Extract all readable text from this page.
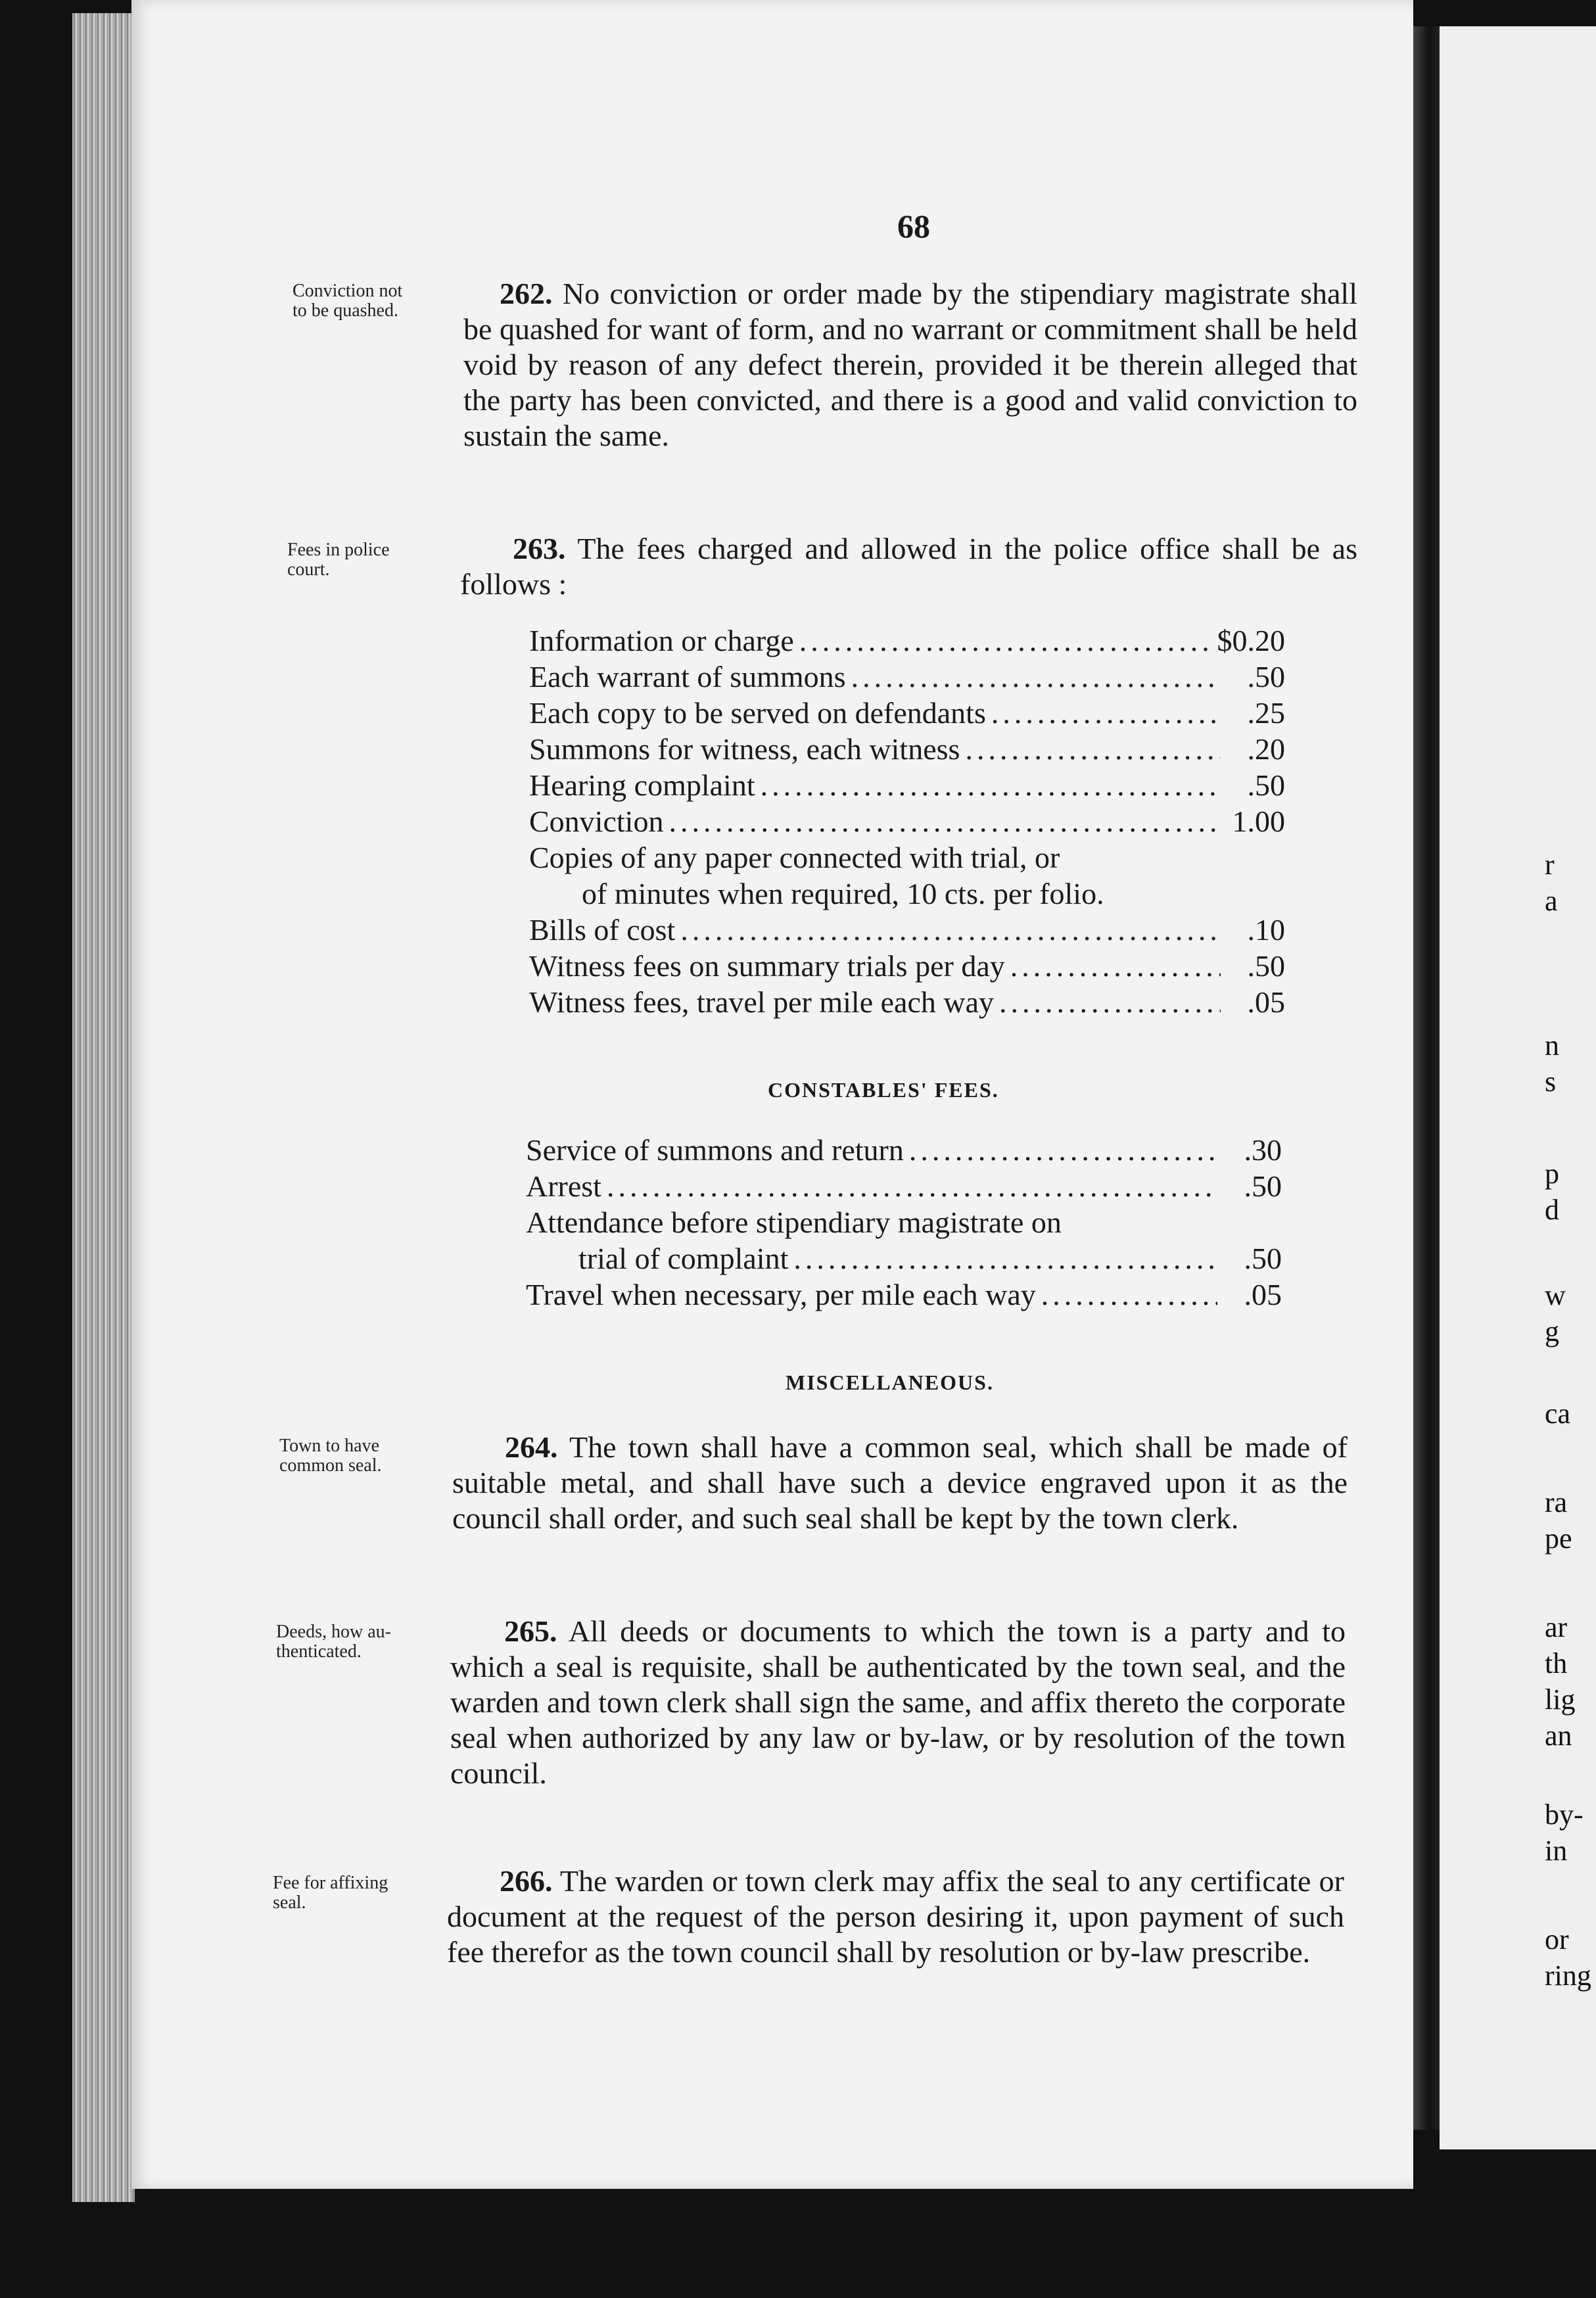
r
a
n
s
p
d
w
g
ca
ra
pe
ar
th
lig
an
by-
in
or
ring
68
Conviction not
to be quashed.
Fees in police
court.
Town to have
common seal.
Deeds, how au-
thenticated.
Fee for affixing
seal.
262. No conviction or order made by the stipendiary magistrate shall be quashed for want of form, and no warrant or commitment shall be held void by reason of any defect therein, provided it be therein alleged that the party has been convicted, and there is a good and valid conviction to sustain the same.
263. The fees charged and allowed in the police office shall be as follows :
Information or charge .....	$0.20
Each warrant of summons .....	.50
Each copy to be served on defendants .....	.25
Summons for witness, each witness .....	.20
Hearing complaint .....	.50
Conviction .....	1.00
Copies of any paper connected with trial, or
of minutes when required, 10 cts. per folio.
Bills of cost .....	.10
Witness fees on summary trials per day .....	.50
Witness fees, travel per mile each way .....	.05
CONSTABLES' FEES.
Service of summons and return .....	.30
Arrest .....	.50
Attendance before stipendiary magistrate on
trial of complaint .....	.50
Travel when necessary, per mile each way .....	.05
MISCELLANEOUS.
264. The town shall have a common seal, which shall be made of suitable metal, and shall have such a device engraved upon it as the council shall order, and such seal shall be kept by the town clerk.
265. All deeds or documents to which the town is a party and to which a seal is requisite, shall be authenticated by the town seal, and the warden and town clerk shall sign the same, and affix thereto the corporate seal when authorized by any law or by-law, or by resolution of the town council.
266. The warden or town clerk may affix the seal to any certificate or document at the request of the person desiring it, upon payment of such fee therefor as the town council shall by resolution or by-law prescribe.
